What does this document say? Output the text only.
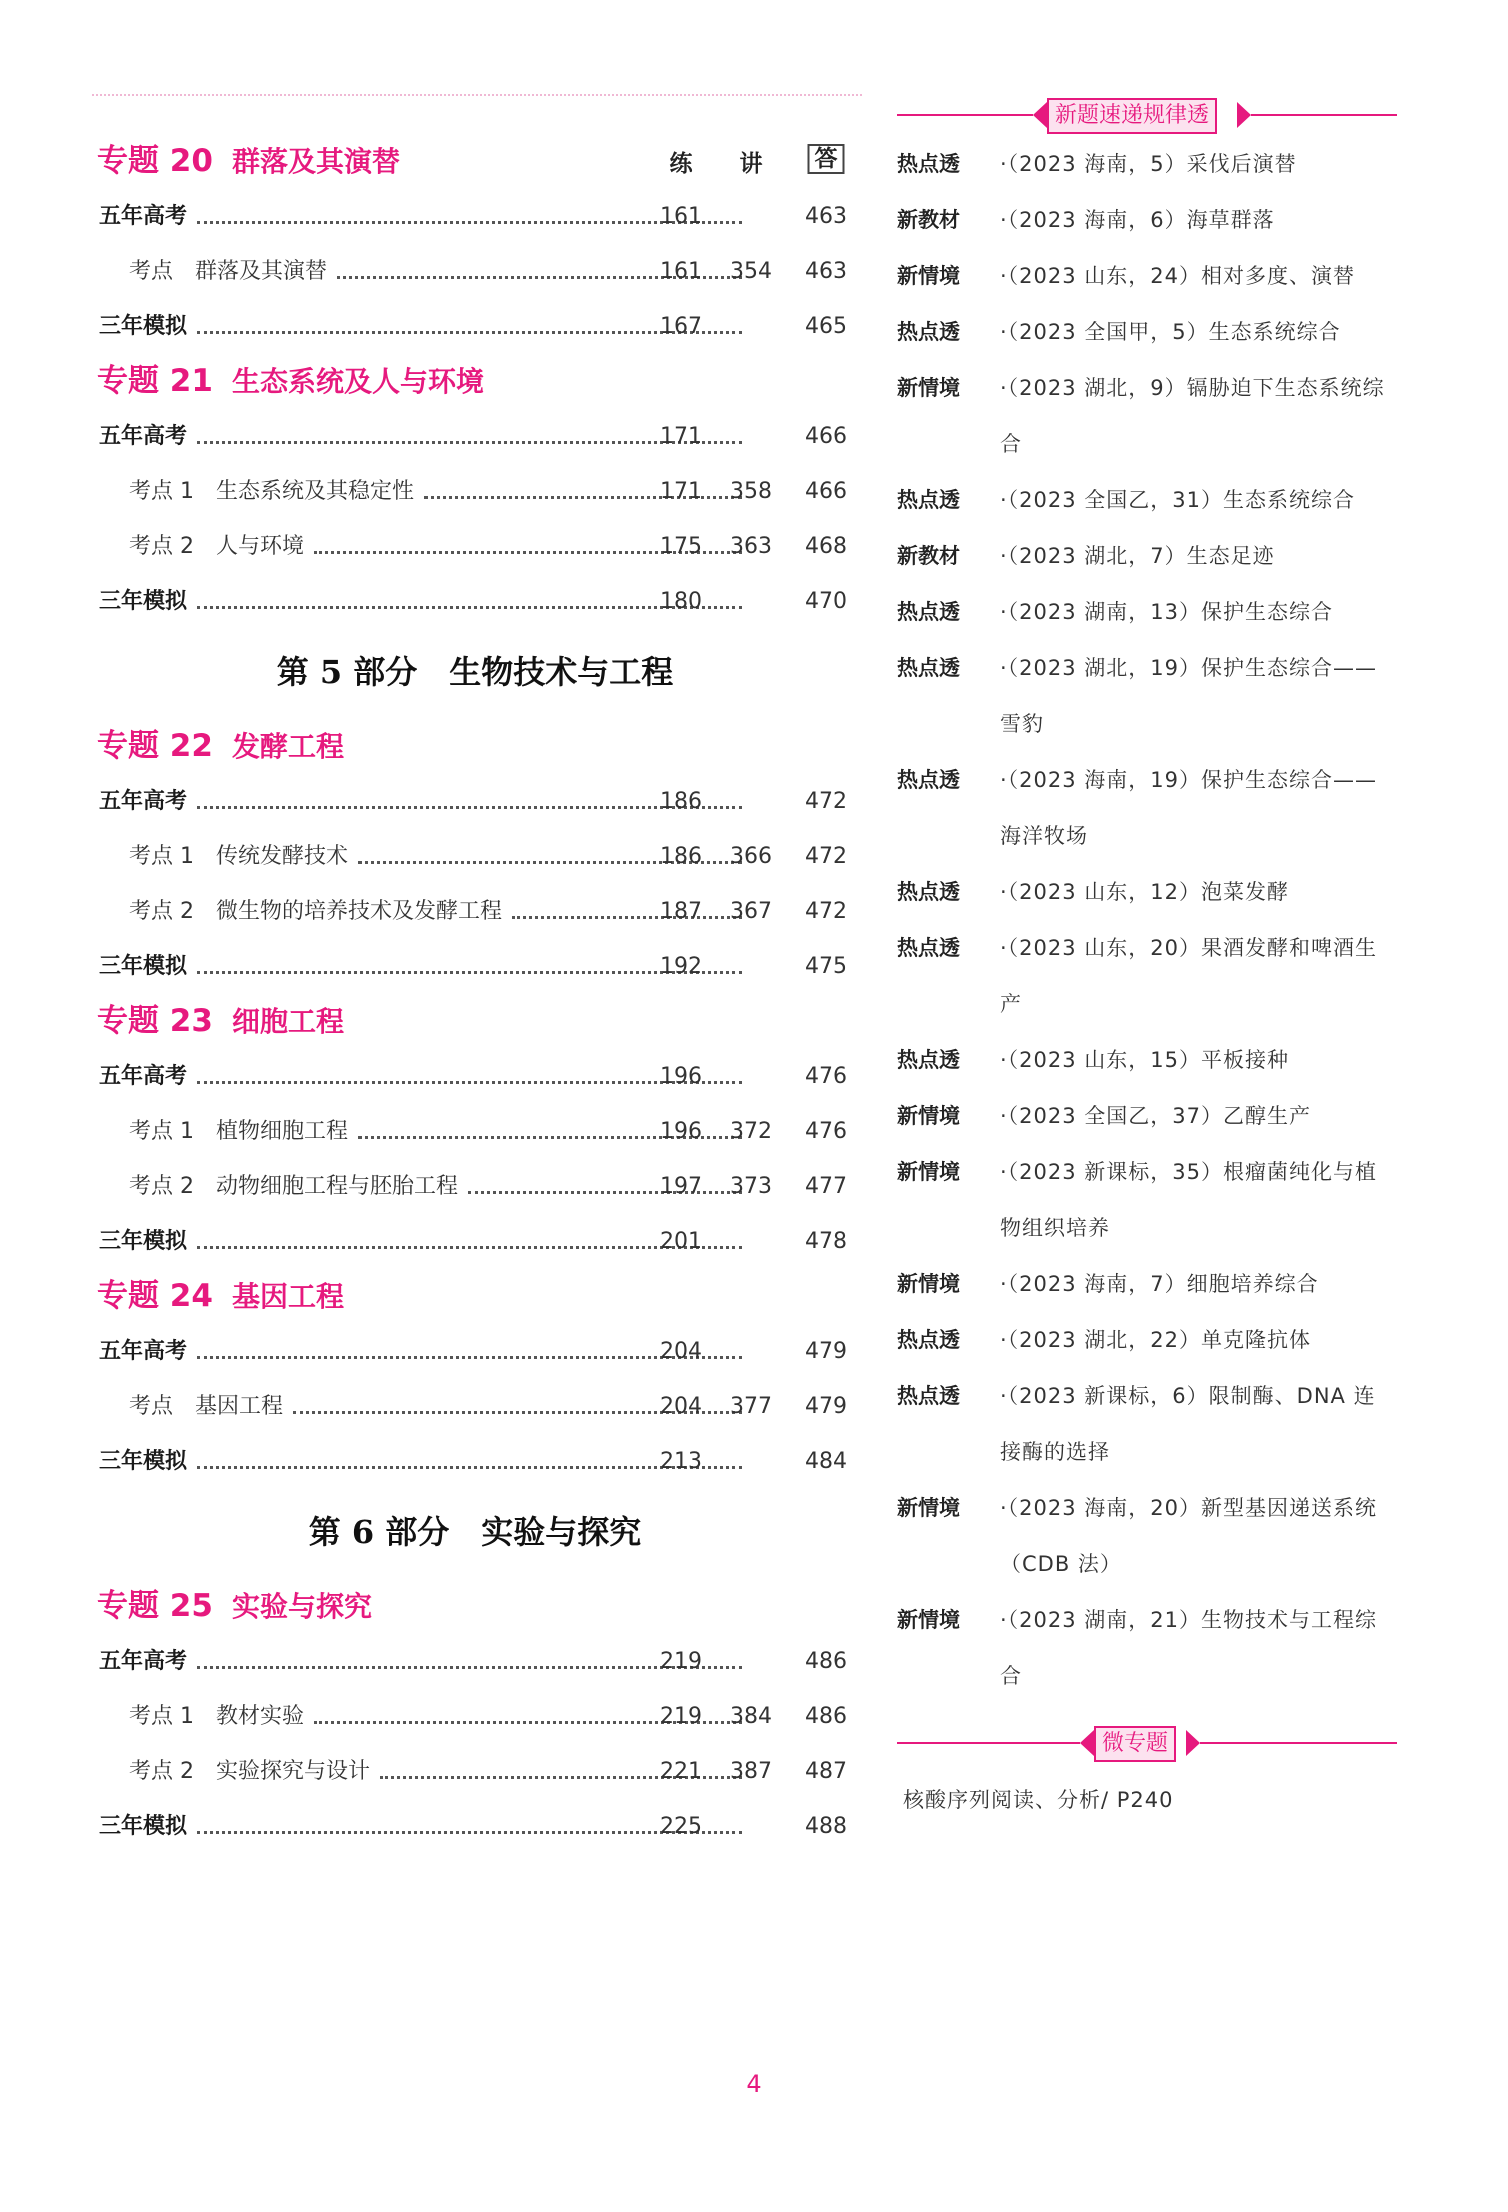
专题 20 群落及其演替	练 讲	答
五年高考	161	463
考点　群落及其演替	161 354 463
三年模拟	167	465
专题 21 生态系统及人与环境
五年高考	171	466
考点 1　生态系统及其稳定性	171 358 466
考点 2　人与环境	175 363 468
三年模拟	180	470
第 5 部分　生物技术与工程
专题 22 发酵工程
五年高考	186	472
考点 1　传统发酵技术	186 366 472
考点 2　微生物的培养技术及发酵工程	187 367 472
三年模拟	192	475
专题 23 细胞工程
五年高考	196	476
考点 1　植物细胞工程	196 372 476
考点 2　动物细胞工程与胚胎工程	197 373 477
三年模拟	201	478
专题 24 基因工程
五年高考	204	479
考点　基因工程	204 377 479
三年模拟	213	484
第 6 部分　实验与探究
专题 25 实验与探究
五年高考	219	486
考点 1　教材实验	219 384 486
考点 2　实验探究与设计	221 387 487
三年模拟	225	488
新题速递规律透
热点透 ·（2023 海南，5）采伐后演替
新教材 ·（2023 海南，6）海草群落
新情境 ·（2023 山东，24）相对多度、演替
热点透 ·（2023 全国甲，5）生态系统综合
新情境 ·（2023 湖北，9）镉胁迫下生态系统综合
热点透 ·（2023 全国乙，31）生态系统综合
新教材 ·（2023 湖北，7）生态足迹
热点透 ·（2023 湖南，13）保护生态综合
热点透 ·（2023 湖北，19）保护生态综合——雪豹
热点透 ·（2023 海南，19）保护生态综合——海洋牧场
热点透 ·（2023 山东，12）泡菜发酵
热点透 ·（2023 山东，20）果酒发酵和啤酒生产
热点透 ·（2023 山东，15）平板接种
新情境 ·（2023 全国乙，37）乙醇生产
新情境 ·（2023 新课标，35）根瘤菌纯化与植物组织培养
新情境 ·（2023 海南，7）细胞培养综合
热点透 ·（2023 湖北，22）单克隆抗体
热点透 ·（2023 新课标，6）限制酶、DNA 连接酶的选择
新情境 ·（2023 海南，20）新型基因递送系统（CDB 法）
新情境 ·（2023 湖南，21）生物技术与工程综合
微专题
核酸序列阅读、分析/ P240
4
